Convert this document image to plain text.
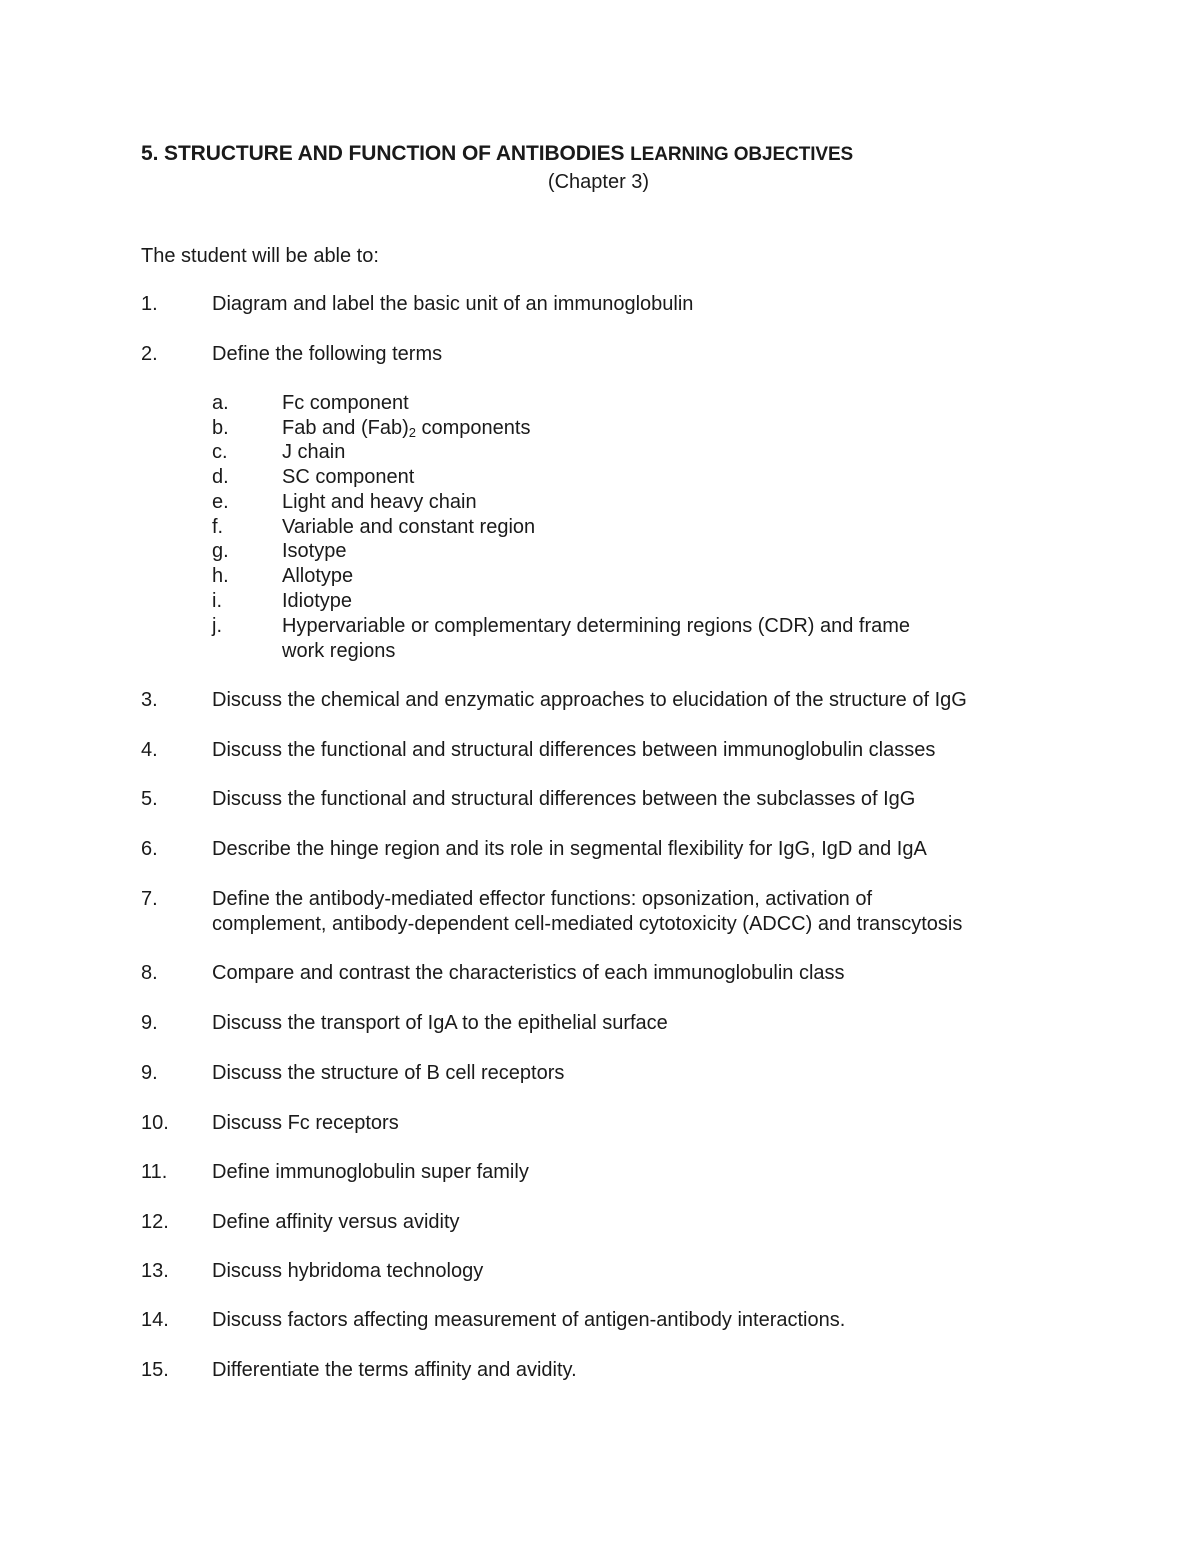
5. STRUCTURE AND FUNCTION OF ANTIBODIES LEARNING OBJECTIVES
(Chapter 3)
The student will be able to:
1.	Diagram and label the basic unit of an immunoglobulin
2.	Define the following terms
a.	Fc component
b.	Fab and $(Fab)_2$ components
c.	J chain
d.	SC component
e.	Light and heavy chain
f.	Variable and constant region
g.	Isotype
h.	Allotype
i.	Idiotype
j.	Hypervariable or complementary determining regions (CDR) and frame
work regions
3.	Discuss the chemical and enzymatic approaches to elucidation of the structure of IgG
4.	Discuss the functional and structural differences between immunoglobulin classes
5.	Discuss the functional and structural differences between the subclasses of IgG
6.	Describe the hinge region and its role in segmental flexibility for IgG, IgD and IgA
7.	Define the antibody-mediated effector functions: opsonization, activation of
complement, antibody-dependent cell-mediated cytotoxicity (ADCC) and transcytosis
8.	Compare and contrast the characteristics of each immunoglobulin class
9.	Discuss the transport of IgA to the epithelial surface
9.	Discuss the structure of B cell receptors
10. Discuss Fc receptors
11. Define immunoglobulin super family
12. Define affinity versus avidity
13. Discuss hybridoma technology
14. Discuss factors affecting measurement of antigen-antibody interactions.
15. Differentiate the terms affinity and avidity.
